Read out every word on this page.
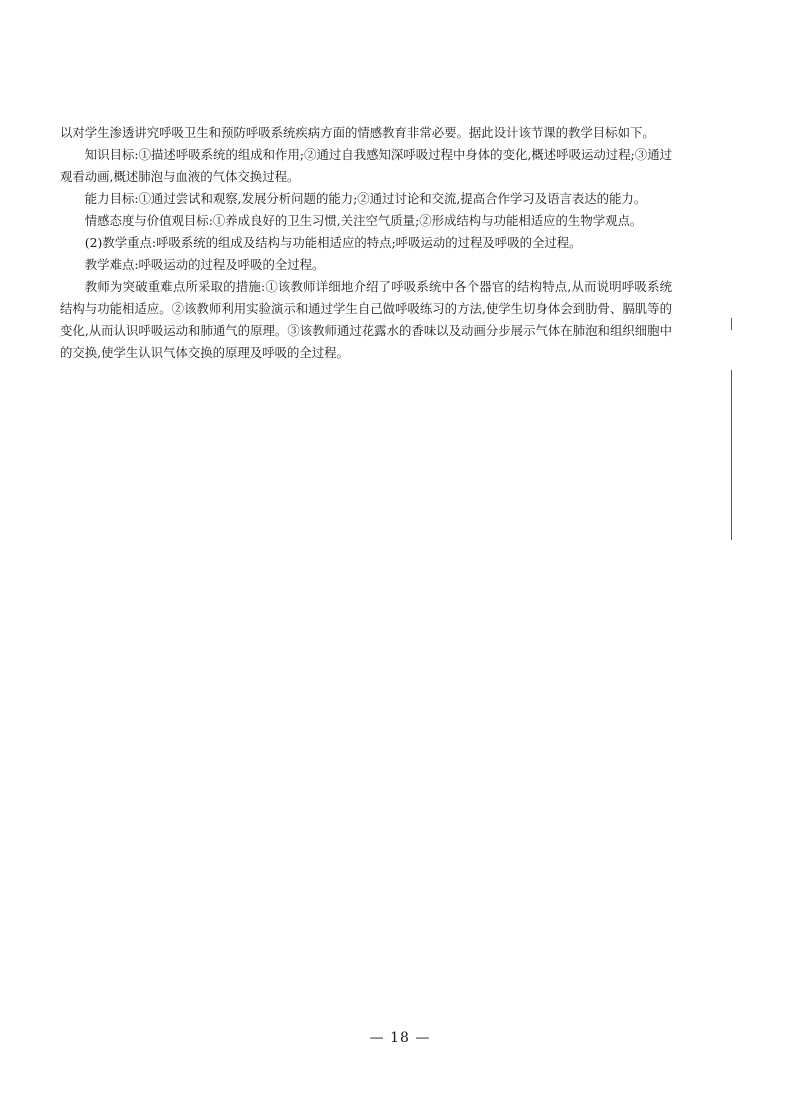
以对学生渗透讲究呼吸卫生和预防呼吸系统疾病方面的情感教育非常必要。据此设计该节课的教学目标如下。

知识目标:①描述呼吸系统的组成和作用;②通过自我感知深呼吸过程中身体的变化,概述呼吸运动过程;③通过观看动画,概述肺泡与血液的气体交换过程。

能力目标:①通过尝试和观察,发展分析问题的能力;②通过讨论和交流,提高合作学习及语言表达的能力。

情感态度与价值观目标:①养成良好的卫生习惯,关注空气质量;②形成结构与功能相适应的生物学观点。

(2)教学重点:呼吸系统的组成及结构与功能相适应的特点;呼吸运动的过程及呼吸的全过程。

教学难点:呼吸运动的过程及呼吸的全过程。

教师为突破重难点所采取的措施:①该教师详细地介绍了呼吸系统中各个器官的结构特点,从而说明呼吸系统结构与功能相适应。②该教师利用实验演示和通过学生自己做呼吸练习的方法,使学生切身体会到肋骨、膈肌等的变化,从而认识呼吸运动和肺通气的原理。③该教师通过花露水的香味以及动画分步展示气体在肺泡和组织细胞中的交换,使学生认识气体交换的原理及呼吸的全过程。

— 18 —
